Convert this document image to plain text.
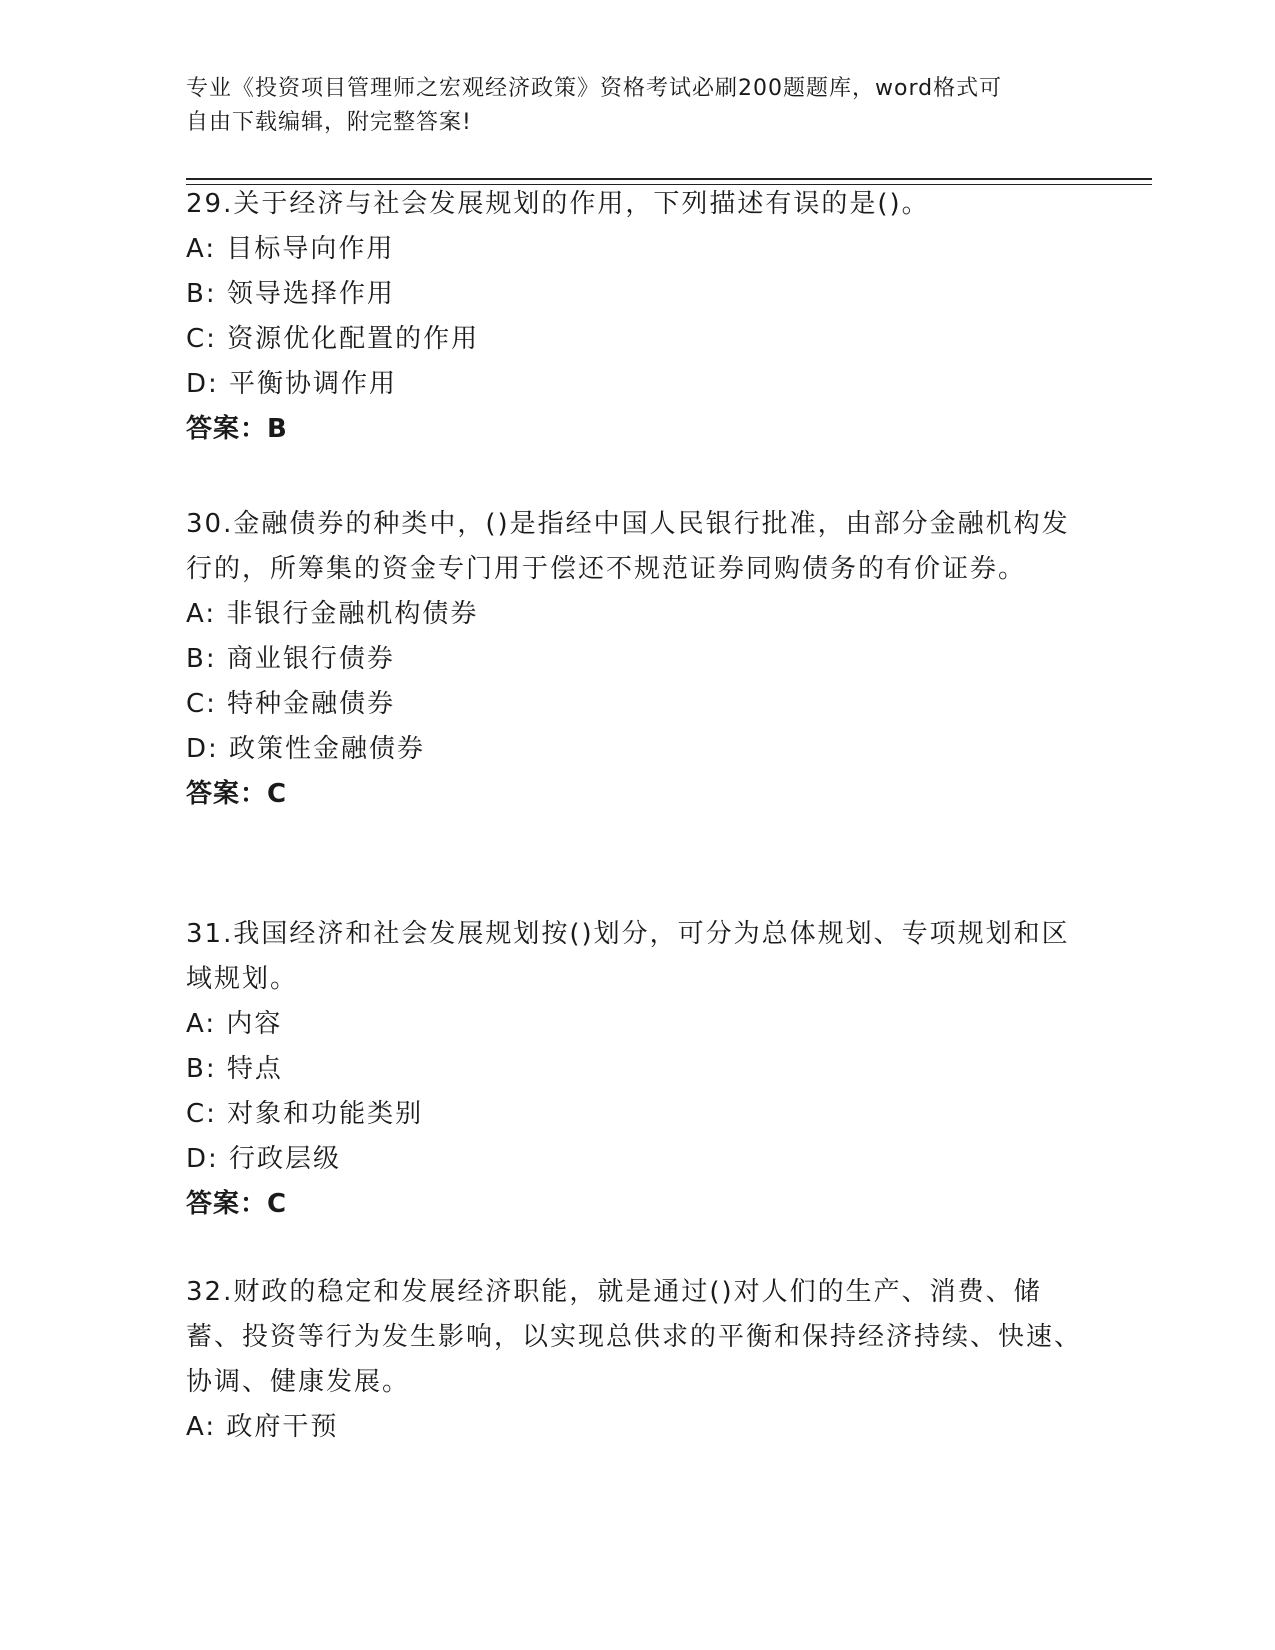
专业《投资项目管理师之宏观经济政策》资格考试必刷200题题库，word格式可
自由下载编辑，附完整答案!

29.关于经济与社会发展规划的作用，下列描述有误的是()。

A: 目标导向作用

B: 领导选择作用

C: 资源优化配置的作用

D: 平衡协调作用

答案：B

30.金融债券的种类中，()是指经中国人民银行批准，由部分金融机构发行的，所筹集的资金专门用于偿还不规范证券同购债务的有价证券。

A: 非银行金融机构债券

B: 商业银行债券

C: 特种金融债券

D: 政策性金融债券

答案：C

31.我国经济和社会发展规划按()划分，可分为总体规划、专项规划和区域规划。

A: 内容

B: 特点

C: 对象和功能类别

D: 行政层级

答案：C

32.财政的稳定和发展经济职能，就是通过()对人们的生产、消费、储蓄、投资等行为发生影响，以实现总供求的平衡和保持经济持续、快速、协调、健康发展。

A: 政府干预
